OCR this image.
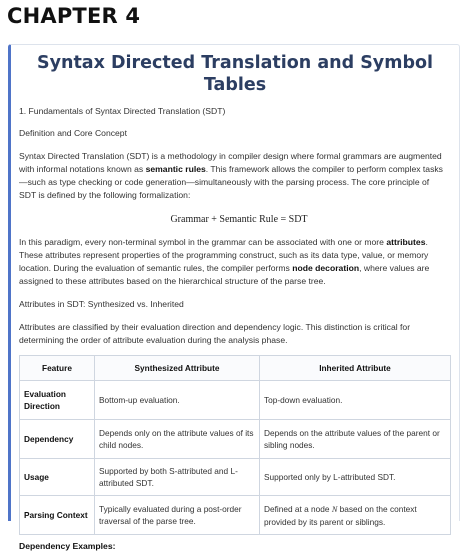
CHAPTER 4
Syntax Directed Translation and Symbol Tables

1. Fundamentals of Syntax Directed Translation (SDT)

Definition and Core Concept

Syntax Directed Translation (SDT) is a methodology in compiler design where formal grammars are augmented with informal notations known as semantic rules. This framework allows the compiler to perform complex tasks—such as type checking or code generation—simultaneously with the parsing process. The core principle of SDT is defined by the following formalization:

Grammar + Semantic Rule = SDT

In this paradigm, every non-terminal symbol in the grammar can be associated with one or more attributes. These attributes represent properties of the programming construct, such as its data type, value, or memory location. During the evaluation of semantic rules, the compiler performs node decoration, where values are assigned to these attributes based on the hierarchical structure of the parse tree.

Attributes in SDT: Synthesized vs. Inherited

Attributes are classified by their evaluation direction and dependency logic. This distinction is critical for determining the order of attribute evaluation during the analysis phase.

Feature	Synthesized Attribute	Inherited Attribute
Evaluation Direction	Bottom-up evaluation.	Top-down evaluation.
Dependency	Depends only on the attribute values of its child nodes.	Depends on the attribute values of the parent or sibling nodes.
Usage	Supported by both S-attributed and L-attributed SDT.	Supported only by L-attributed SDT.
Parsing Context	Typically evaluated during a post-order traversal of the parse tree.	Defined at a node N based on the context provided by its parent or siblings.

Dependency Examples:
